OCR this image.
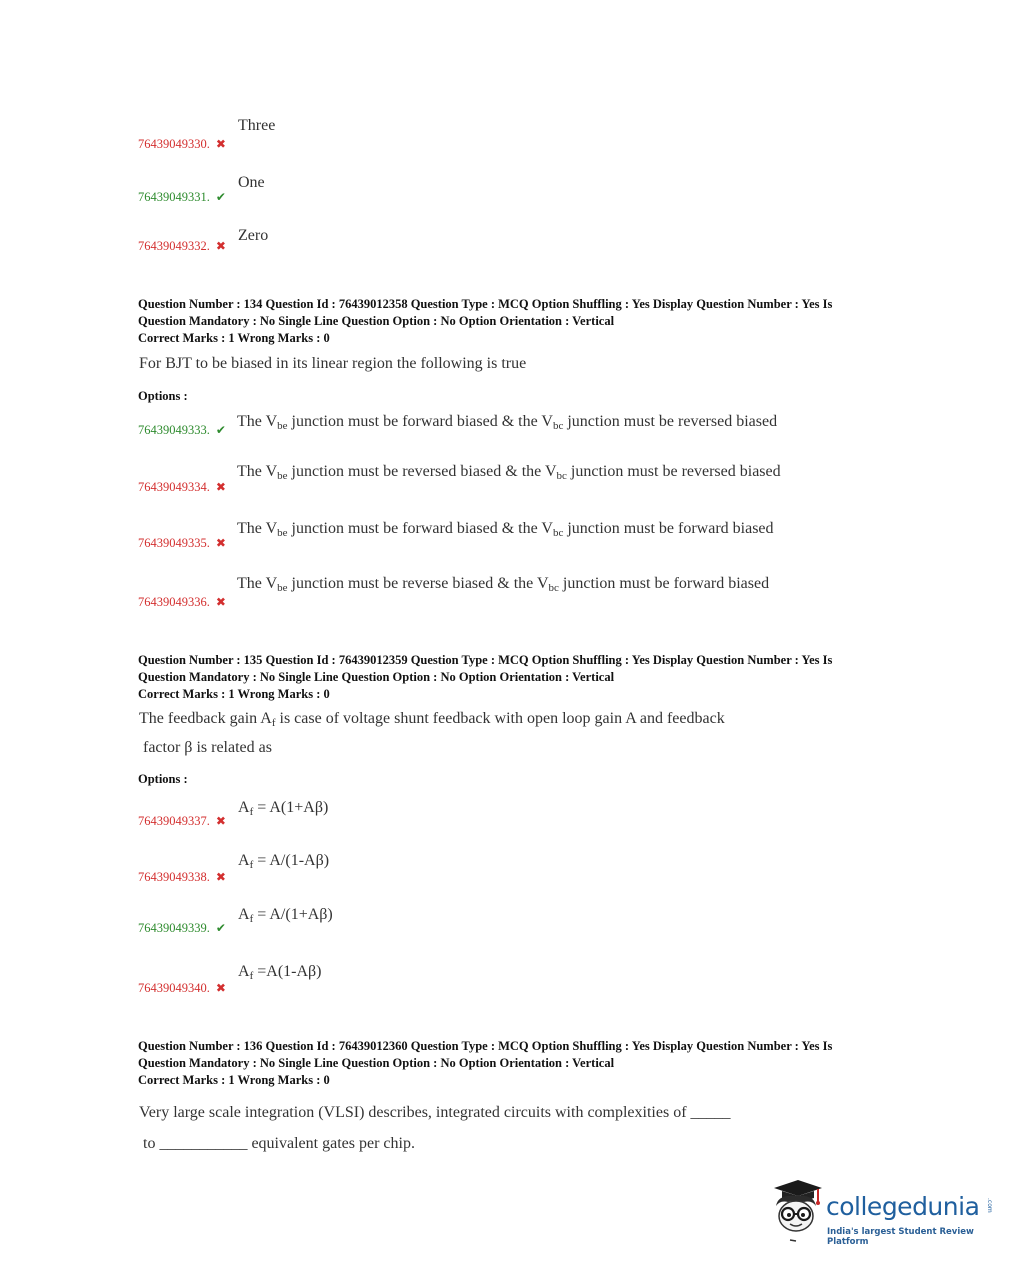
Three
76439049330. ✖
One
76439049331. ✔
Zero
76439049332. ✖
Question Number : 134 Question Id : 76439012358 Question Type : MCQ Option Shuffling : Yes Display Question Number : Yes Is
Question Mandatory : No Single Line Question Option : No Option Orientation : Vertical
Correct Marks : 1 Wrong Marks : 0
For BJT to be biased in its linear region the following is true
Options :
The $V_{be}$ junction must be forward biased & the $V_{bc}$ junction must be reversed biased
76439049333. ✔
The $V_{be}$ junction must be reversed biased & the $V_{bc}$ junction must be reversed biased
76439049334. ✖
The $V_{be}$ junction must be forward biased & the $V_{bc}$ junction must be forward biased
76439049335. ✖
The $V_{be}$ junction must be reverse biased & the $V_{bc}$ junction must be forward biased
76439049336. ✖
Question Number : 135 Question Id : 76439012359 Question Type : MCQ Option Shuffling : Yes Display Question Number : Yes Is
Question Mandatory : No Single Line Question Option : No Option Orientation : Vertical
Correct Marks : 1 Wrong Marks : 0
The feedback gain $A_f$ is case of voltage shunt feedback with open loop gain A and feedback
factor β is related as
Options :
$A_f = A(1+A\beta)$
76439049337. ✖
$A_f = A/(1-A\beta)$
76439049338. ✖
$A_f = A/(1+A\beta)$
76439049339. ✔
$A_f =A(1-A\beta)$
76439049340. ✖
Question Number : 136 Question Id : 76439012360 Question Type : MCQ Option Shuffling : Yes Display Question Number : Yes Is
Question Mandatory : No Single Line Question Option : No Option Orientation : Vertical
Correct Marks : 1 Wrong Marks : 0
Very large scale integration (VLSI) describes, integrated circuits with complexities of _____
to ___________ equivalent gates per chip.
collegedunia .com
India's largest Student Review Platform
